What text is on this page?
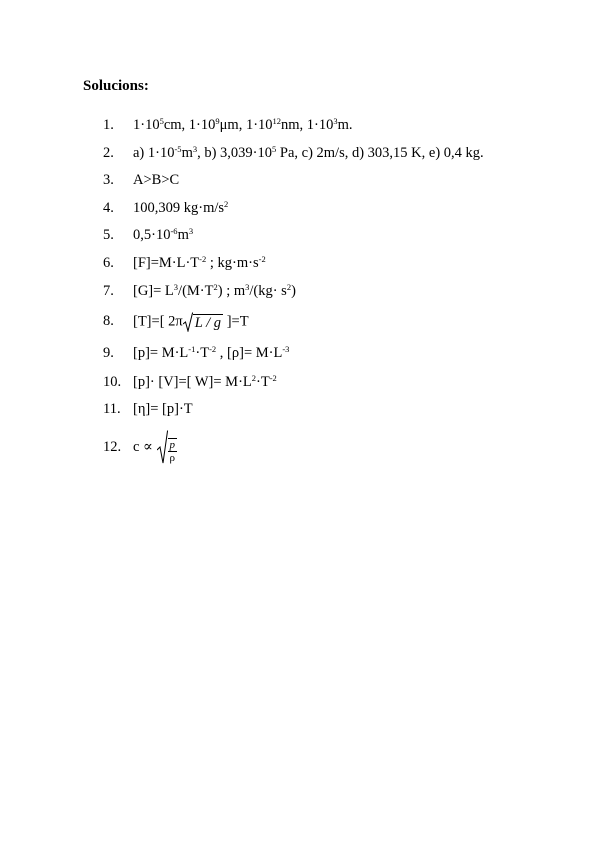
Solucions:
1.	$1\cdot 10^5cm$, $1\cdot 10^9\mu m$, $1\cdot 10^{12}nm$, $1\cdot 10^3m$.
2.	a) $1\cdot 10^{-5}m^3$, b) $3,039\cdot 10^5$ Pa, c) 2m/s, d) 303,15 K, e) 0,4 kg.
3.	A>B>C
4.	100,309 $kg\cdot m/s^2$
5.	$0,5\cdot 10^{-6}m^3$
6.	$[F]=M\cdot L\cdot T^{-2}$ ; $kg\cdot m\cdot s^{-2}$
7.	$[G]= L^3/(M\cdot T^2)$ ; $m^3/(kg\cdot s^2)$
8.	[T]=[ 2π L / g ]=T
9.	$[p]= M\cdot L^{-1}\cdot T^{-2}$ , $[\rho]= M\cdot L^{-3}$
10. [p]· [V]=[ $W]= M\cdot L^2\cdot T^{-2}$
11. [η]= [p]·T
12. c ∝
$\frac{p}{\rho}$
